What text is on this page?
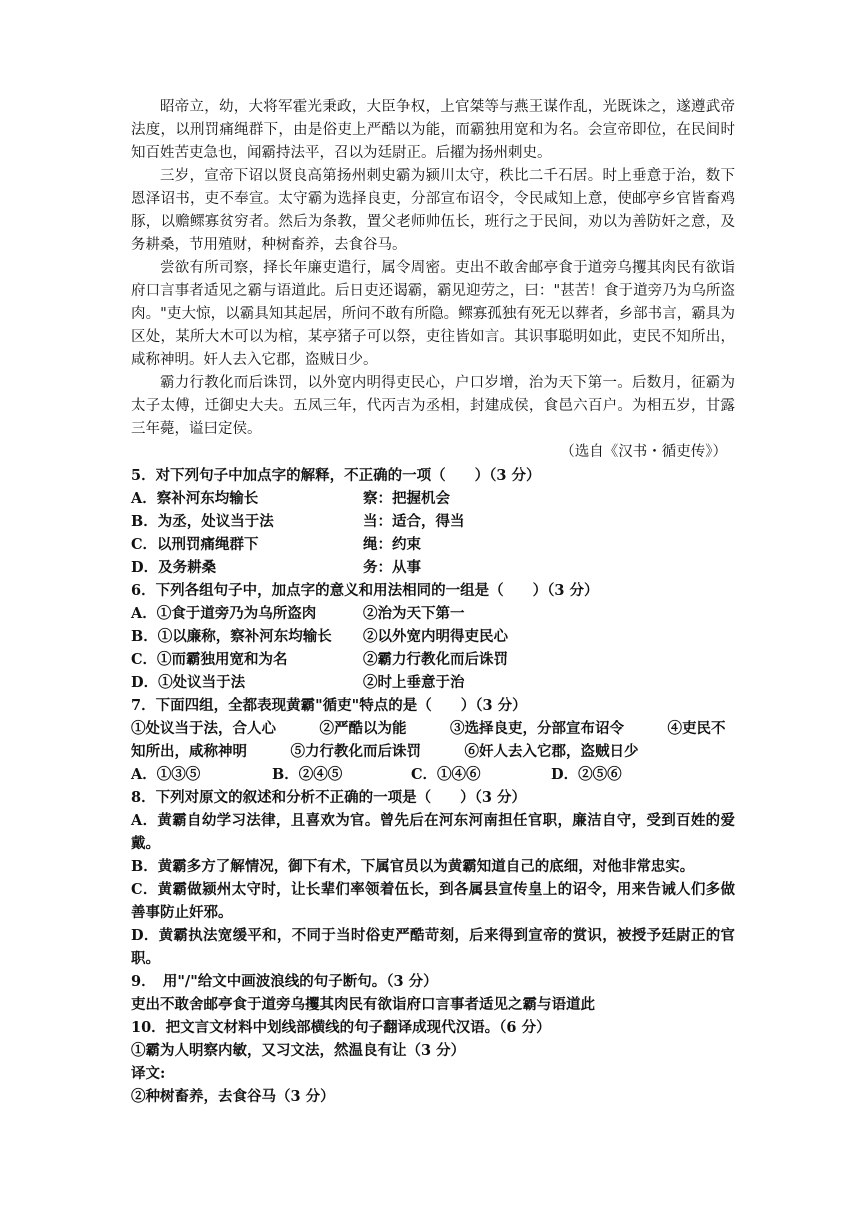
昭帝立，幼，大将军霍光秉政，大臣争权，上官桀等与燕王谋作乱，光既诛之，遂遵武帝法度，以刑罚痛绳群下，由是俗吏上严酷以为能，而霸独用宽和为名。会宣帝即位，在民间时知百姓苦吏急也，闻霸持法平，召以为廷尉正。后擢为扬州刺史。

三岁，宣帝下诏以贤良高第扬州刺史霸为颍川太守，秩比二千石居。时上垂意于治，数下恩泽诏书，吏不奉宣。太守霸为选择良吏，分部宣布诏令，令民咸知上意，使邮亭乡官皆畜鸡豚，以赡鳏寡贫穷者。然后为条教，置父老师帅伍长，班行之于民间，劝以为善防奸之意，及务耕桑，节用殖财，种树畜养，去食谷马。

尝欲有所司察，择长年廉吏遣行，属令周密。吏出不敢舍邮亭食于道旁乌攫其肉民有欲诣府口言事者适见之霸与语道此。后日吏还谒霸，霸见迎劳之，曰："甚苦！食于道旁乃为乌所盗肉。"吏大惊，以霸具知其起居，所问不敢有所隐。鳏寡孤独有死无以葬者，乡部书言，霸具为区处，某所大木可以为棺，某亭猪子可以祭，吏往皆如言。其识事聪明如此，吏民不知所出，咸称神明。奸人去入它郡，盗贼日少。

霸力行教化而后诛罚，以外宽内明得吏民心，户口岁增，治为天下第一。后数月，征霸为太子太傅，迁御史大夫。五凤三年，代丙吉为丞相，封建成侯，食邑六百户。为相五岁，甘露三年薨，谥曰定侯。

（选自《汉书・循吏传》）

5．对下列句子中加点字的解释，不正确的一项（　　）（3 分）

A．察补河东均输长	察：把握机会
B．为丞，处议当于法	当：适合，得当
C．以刑罚痛绳群下	绳：约束
D．及务耕桑	务：从事

6．下列各组句子中，加点字的意义和用法相同的一组是（　　）（3 分）

A．①食于道旁乃为乌所盗肉	②治为天下第一
B．①以廉称，察补河东均输长	②以外宽内明得吏民心
C．①而霸独用宽和为名	②霸力行教化而后诛罚
D．①处议当于法	②时上垂意于治

7．下面四组，全都表现黄霸"循吏"特点的是（　　）（3 分）

①处议当于法，合人心　　　②严酷以为能　　　③选择良吏，分部宣布诏令　　　④吏民不

知所出，咸称神明　　　⑤力行教化而后诛罚　　　⑥奸人去入它郡，盗贼日少

A．①③⑤	B．②④⑤	C．①④⑥	D．②⑤⑥

8．下列对原文的叙述和分析不正确的一项是（　　）（3 分）

A．黄霸自幼学习法律，且喜欢为官。曾先后在河东河南担任官职，廉洁自守，受到百姓的爱戴。

B．黄霸多方了解情况，御下有术，下属官员以为黄霸知道自己的底细，对他非常忠实。

C．黄霸做颍州太守时，让长辈们率领着伍长，到各属县宣传皇上的诏令，用来告诫人们多做善事防止奸邪。

D．黄霸执法宽缓平和，不同于当时俗吏严酷苛刻，后来得到宣帝的赏识，被授予廷尉正的官职。

9．　用"/"给文中画波浪线的句子断句。（3 分）

吏出不敢舍邮亭食于道旁乌攫其肉民有欲诣府口言事者适见之霸与语道此

10．把文言文材料中划线部横线的句子翻译成现代汉语。（6 分）

①霸为人明察内敏，又习文法，然温良有让（3 分）

译文:

②种树畜养，去食谷马（3 分）
